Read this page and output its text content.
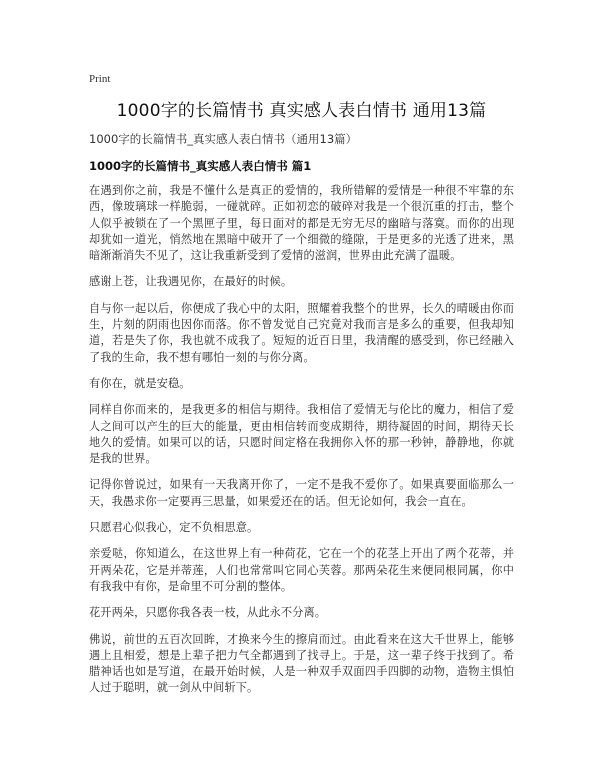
Print

1000字的长篇情书 真实感人表白情书 通用13篇

1000字的长篇情书_真实感人表白情书（通用13篇）

1000字的长篇情书_真实感人表白情书 篇1

在遇到你之前，我是不懂什么是真正的爱情的，我所错解的爱情是一种很不牢靠的东西，像玻璃球一样脆弱，一碰就碎。正如初恋的破碎对我是一个很沉重的打击，整个人似乎被锁在了一个黑匣子里，每日面对的都是无穷无尽的幽暗与落寞。而你的出现却犹如一道光，悄然地在黑暗中破开了一个细微的缝隙，于是更多的光透了进来，黑暗渐渐消失不见了，这让我重新受到了爱情的滋润，世界由此充满了温暖。

感谢上苍，让我遇见你，在最好的时候。

自与你一起以后，你便成了我心中的太阳，照耀着我整个的世界，长久的晴暖由你而生，片刻的阴雨也因你而落。你不曾发觉自己究竟对我而言是多么的重要，但我却知道，若是失了你，我也就不成我了。短短的近百日里，我清醒的感受到，你已经融入了我的生命，我不想有哪怕一刻的与你分离。

有你在，就是安稳。

同样自你而来的，是我更多的相信与期待。我相信了爱情无与伦比的魔力，相信了爱人之间可以产生的巨大的能量，更由相信转而变成期待，期待凝固的时间，期待天长地久的爱情。如果可以的话，只愿时间定格在我拥你入怀的那一秒钟，静静地，你就是我的世界。

记得你曾说过，如果有一天我离开你了，一定不是我不爱你了。如果真要面临那么一天，我愚求你一定要再三思量，如果爱还在的话。但无论如何，我会一直在。

只愿君心似我心，定不负相思意。

亲爱哒，你知道么，在这世界上有一种荷花，它在一个的花茎上开出了两个花蒂，并开两朵花，它是并蒂莲，人们也常常叫它同心芙蓉。那两朵花生来便同根同属，你中有我我中有你，是命里不可分割的整体。

花开两朵，只愿你我各表一枝，从此永不分离。

佛说，前世的五百次回眸，才换来今生的擦肩而过。由此看来在这大千世界上，能够遇上且相爱，想是上辈子把力气全都遇到了找寻上。于是，这一辈子终于找到了。希腊神话也如是写道，在最开始时候，人是一种双手双面四手四脚的动物，造物主惧怕人过于聪明，就一剑从中间斩下。
